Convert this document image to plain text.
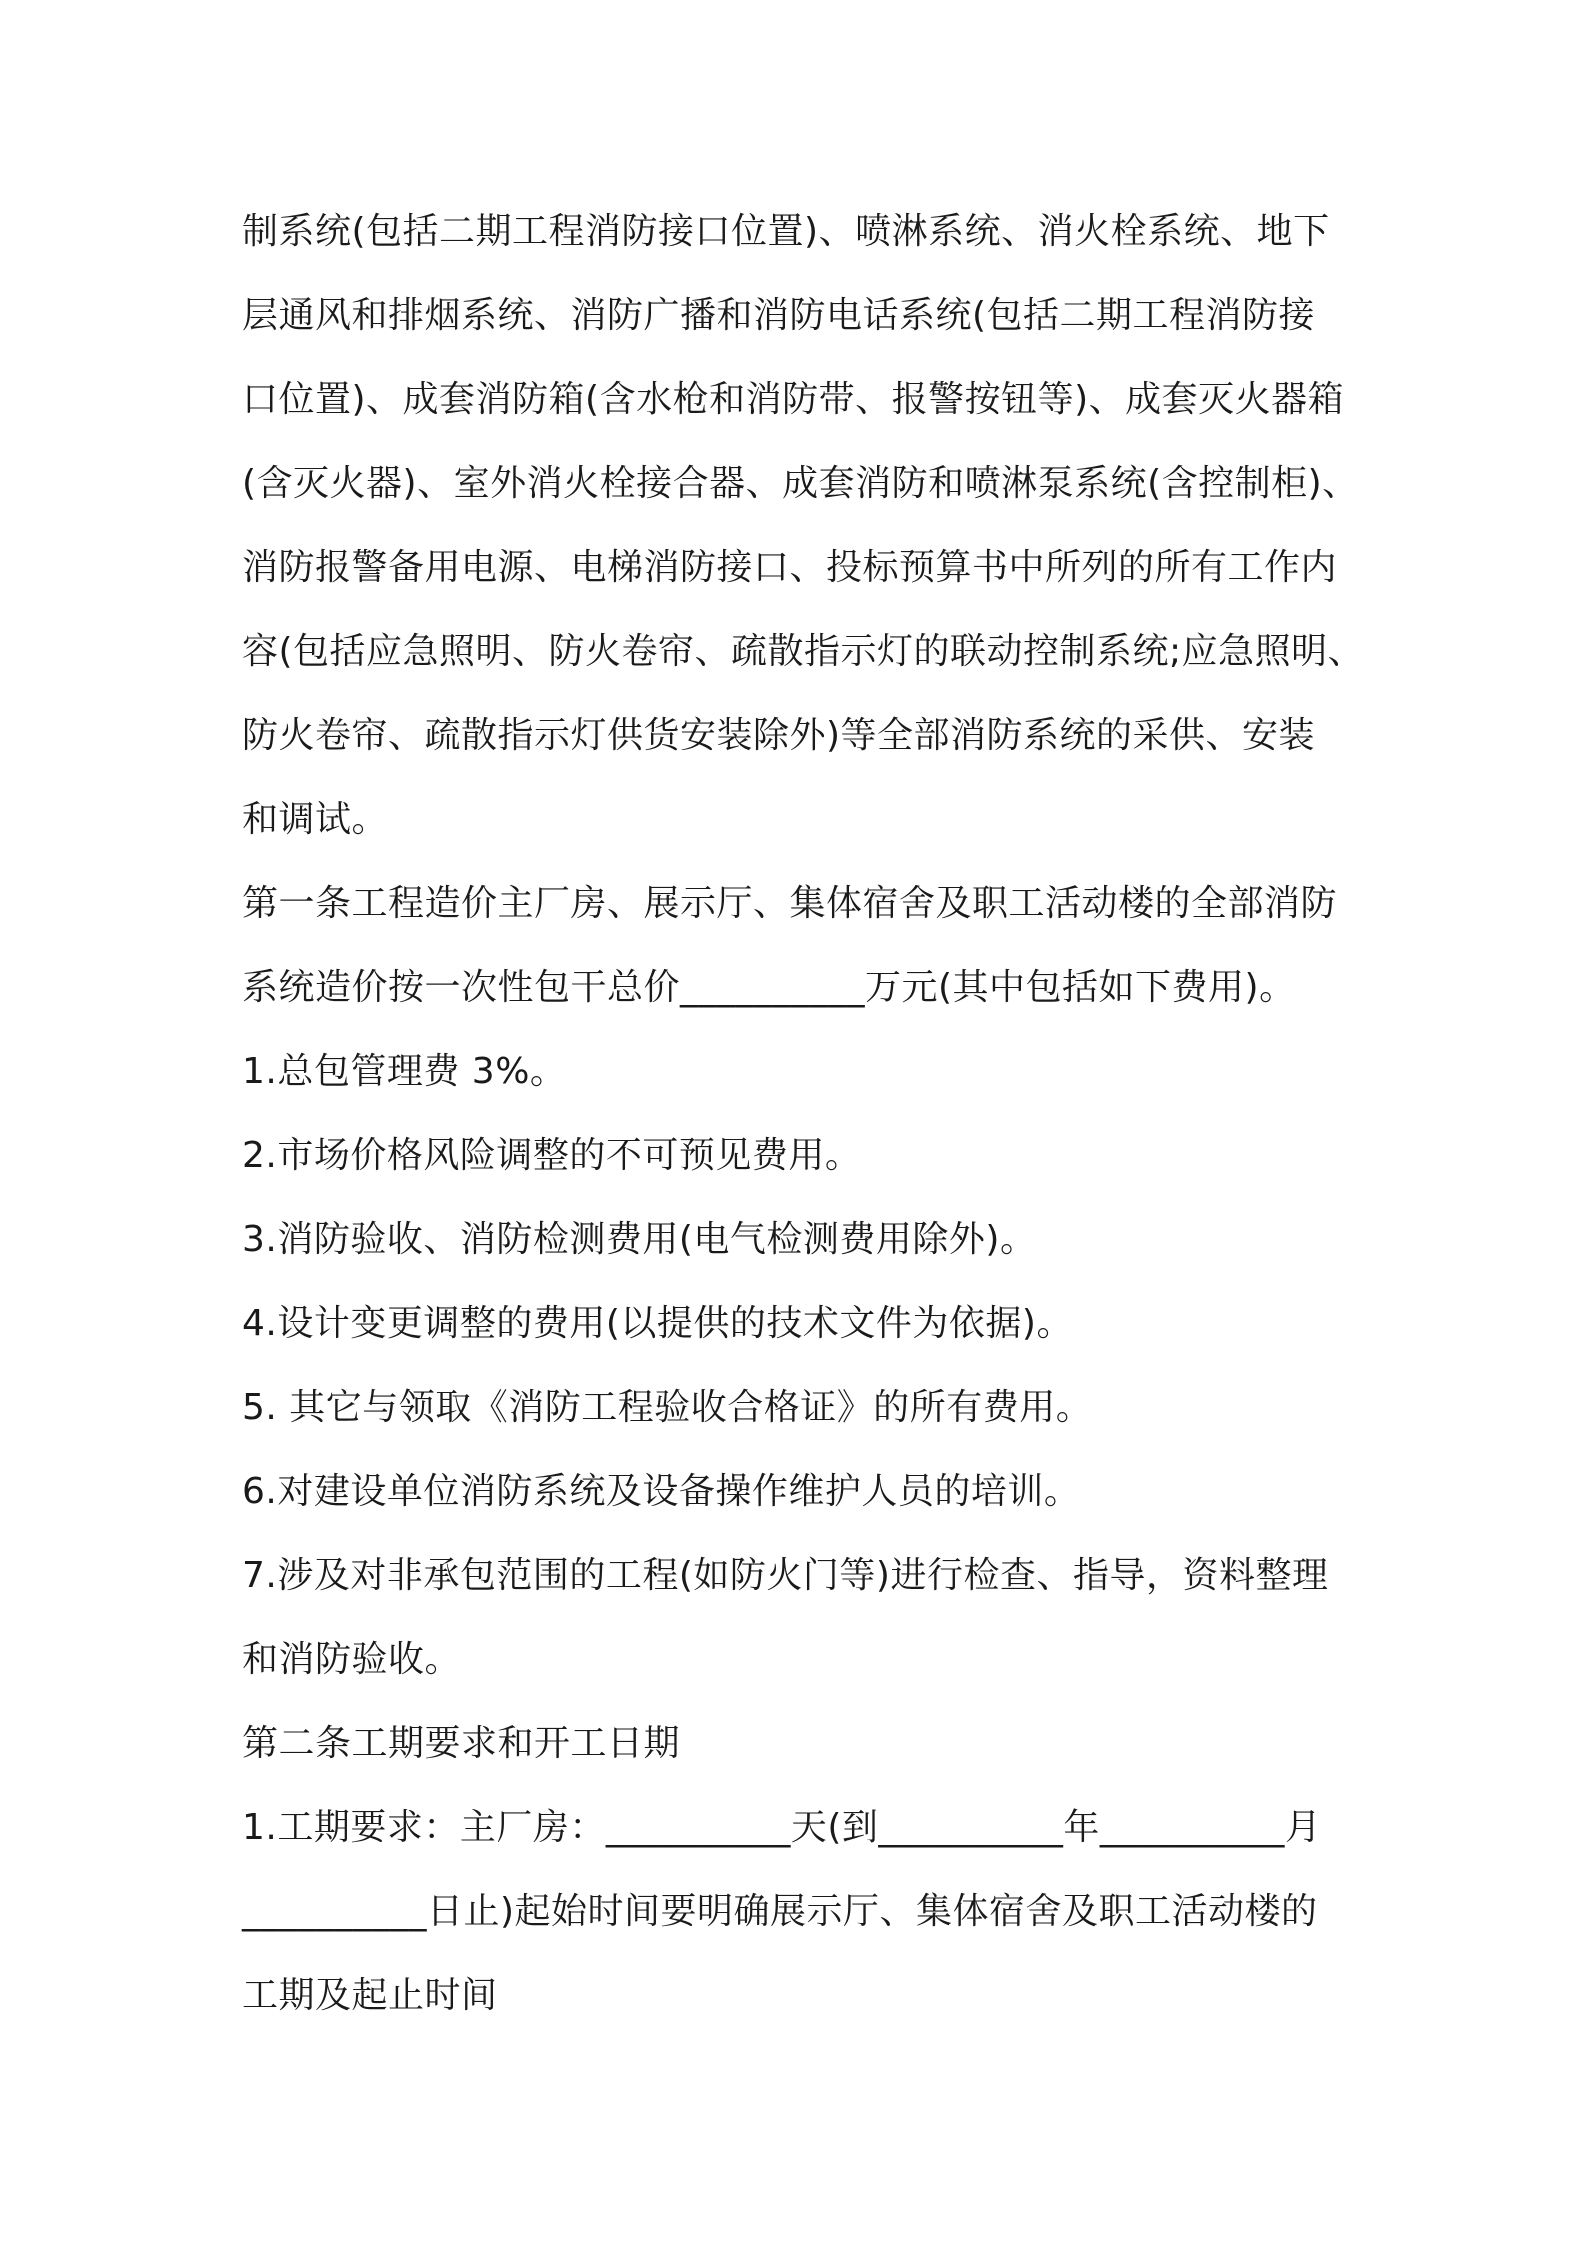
制系统(包括二期工程消防接口位置)、喷淋系统、消火栓系统、地下
层通风和排烟系统、消防广播和消防电话系统(包括二期工程消防接
口位置)、成套消防箱(含水枪和消防带、报警按钮等)、成套灭火器箱
(含灭火器)、室外消火栓接合器、成套消防和喷淋泵系统(含控制柜)、
消防报警备用电源、电梯消防接口、投标预算书中所列的所有工作内
容(包括应急照明、防火卷帘、疏散指示灯的联动控制系统;应急照明、
防火卷帘、疏散指示灯供货安装除外)等全部消防系统的采供、安装
和调试。
第一条工程造价主厂房、展示厅、集体宿舍及职工活动楼的全部消防
系统造价按一次性包干总价__________万元(其中包括如下费用)。
1.总包管理费 3%。
2.市场价格风险调整的不可预见费用。
3.消防验收、消防检测费用(电气检测费用除外)。
4.设计变更调整的费用(以提供的技术文件为依据)。
5. 其它与领取《消防工程验收合格证》的所有费用。
6.对建设单位消防系统及设备操作维护人员的培训。
7.涉及对非承包范围的工程(如防火门等)进行检查、指导，资料整理
和消防验收。
第二条工期要求和开工日期
1.工期要求：主厂房：__________天(到__________年__________月
__________日止)起始时间要明确展示厅、集体宿舍及职工活动楼的
工期及起止时间
